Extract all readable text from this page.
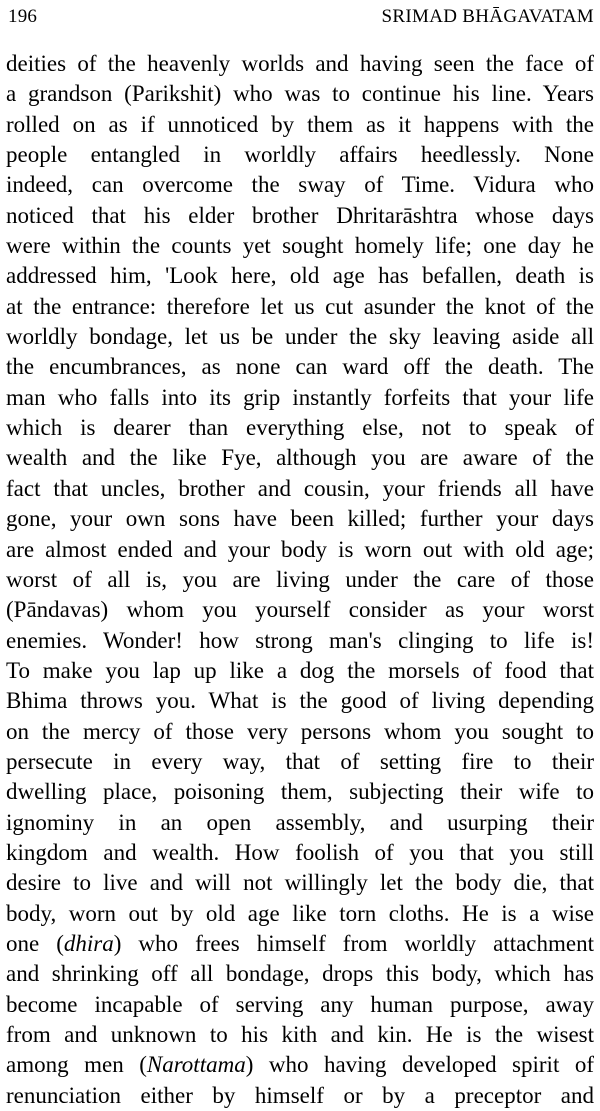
196	SRIMAD BHĀGAVATAM
deities of the heavenly worlds and having seen the face of
a grandson (Parikshit) who was to continue his line. Years
rolled on as if unnoticed by them as it happens with the
people entangled in worldly affairs heedlessly. None
indeed, can overcome the sway of Time. Vidura who
noticed that his elder brother Dhritarāshtra whose days
were within the counts yet sought homely life; one day he
addressed him, 'Look here, old age has befallen, death is
at the entrance: therefore let us cut asunder the knot of the
worldly bondage, let us be under the sky leaving aside all
the encumbrances, as none can ward off the death. The
man who falls into its grip instantly forfeits that your life
which is dearer than everything else, not to speak of
wealth and the like Fye, although you are aware of the
fact that uncles, brother and cousin, your friends all have
gone, your own sons have been killed; further your days
are almost ended and your body is worn out with old age;
worst of all is, you are living under the care of those
(Pāndavas) whom you yourself consider as your worst
enemies. Wonder! how strong man's clinging to life is!
To make you lap up like a dog the morsels of food that
Bhima throws you. What is the good of living depending
on the mercy of those very persons whom you sought to
persecute in every way, that of setting fire to their
dwelling place, poisoning them, subjecting their wife to
ignominy in an open assembly, and usurping their
kingdom and wealth. How foolish of you that you still
desire to live and will not willingly let the body die, that
body, worn out by old age like torn cloths. He is a wise
one (dhira) who frees himself from worldly attachment
and shrinking off all bondage, drops this body, which has
become incapable of serving any human purpose, away
from and unknown to his kith and kin. He is the wisest
among men (Narottama) who having developed spirit of
renunciation either by himself or by a preceptor and
